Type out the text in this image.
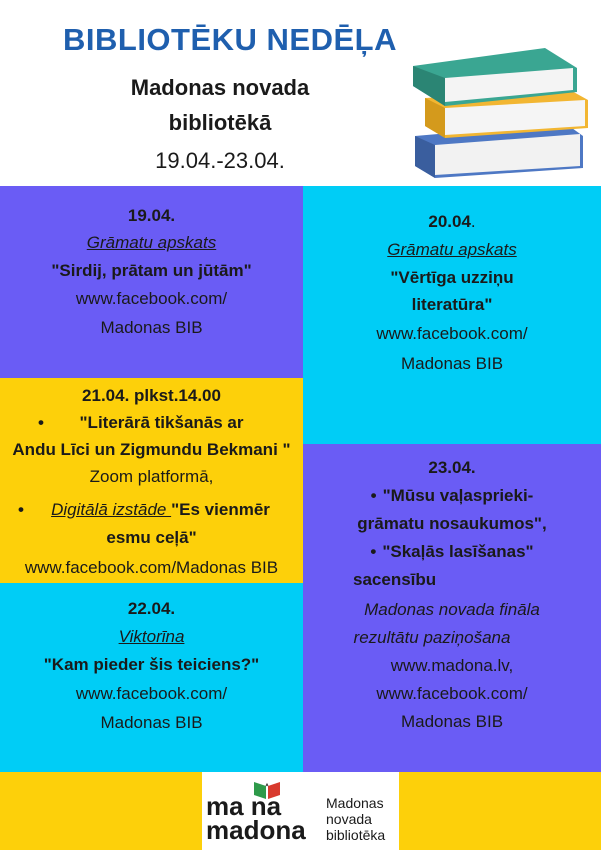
BIBLIOTĒKU NEDĒĻA
Madonas novada
bibliotēkā
19.04.-23.04.
19.04.
Grāmatu apskats
"Sirdij, prātam un jūtām"
www.facebook.com/
Madonas BIB
20.04.
Grāmatu apskats
"Vērtīga uzziņu
literatūra"
www.facebook.com/
Madonas BIB
21.04. plkst.14.00
• "Literārā tikšanās ar
Andu Līci un Zigmundu Bekmani "
Zoom platformā,
• Digitālā izstāde "Es vienmēr
esmu ceļā"
www.facebook.com/Madonas BIB
23.04.
• "Mūsu vaļasprieki-
grāmatu nosaukumos",
• "Skaļās lasīšanas"
sacensību
Madonas novada fināla
rezultātu paziņošana
www.madona.lv,
www.facebook.com/
Madonas BIB
22.04.
Viktorīna
"Kam pieder šis teiciens?"
www.facebook.com/
Madonas BIB
ma na
madona
Madonas
novada
bibliotēka
